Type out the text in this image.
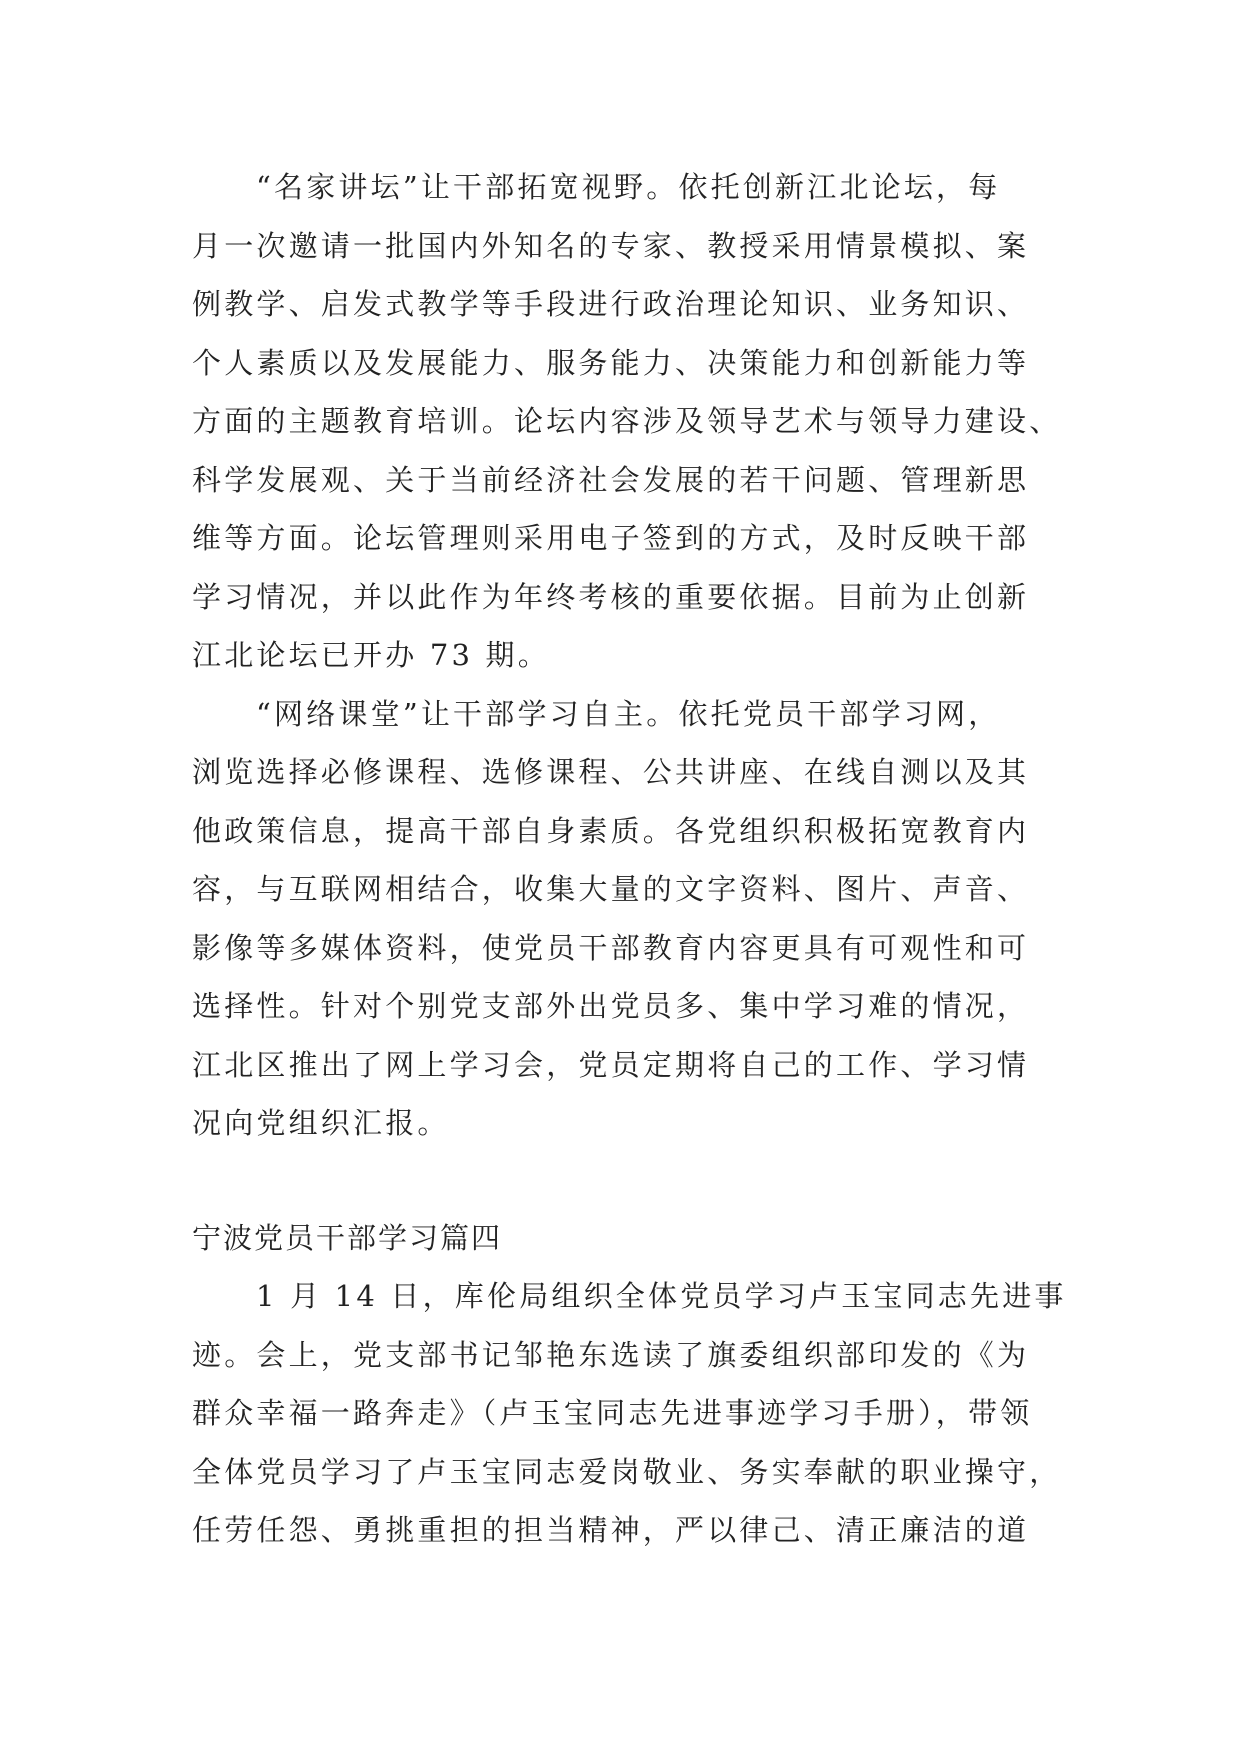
“名家讲坛”让干部拓宽视野。依托创新江北论坛，每
月一次邀请一批国内外知名的专家、教授采用情景模拟、案
例教学、启发式教学等手段进行政治理论知识、业务知识、
个人素质以及发展能力、服务能力、决策能力和创新能力等
方面的主题教育培训。论坛内容涉及领导艺术与领导力建设、
科学发展观、关于当前经济社会发展的若干问题、管理新思
维等方面。论坛管理则采用电子签到的方式，及时反映干部
学习情况，并以此作为年终考核的重要依据。目前为止创新
江北论坛已开办 73 期。
“网络课堂”让干部学习自主。依托党员干部学习网，
浏览选择必修课程、选修课程、公共讲座、在线自测以及其
他政策信息，提高干部自身素质。各党组织积极拓宽教育内
容，与互联网相结合，收集大量的文字资料、图片、声音、
影像等多媒体资料，使党员干部教育内容更具有可观性和可
选择性。针对个别党支部外出党员多、集中学习难的情况，
江北区推出了网上学习会，党员定期将自己的工作、学习情
况向党组织汇报。
宁波党员干部学习篇四
1 月 14 日，库伦局组织全体党员学习卢玉宝同志先进事
迹。会上，党支部书记邹艳东选读了旗委组织部印发的《为
群众幸福一路奔走》（卢玉宝同志先进事迹学习手册），带领
全体党员学习了卢玉宝同志爱岗敬业、务实奉献的职业操守，
任劳任怨、勇挑重担的担当精神，严以律己、清正廉洁的道
